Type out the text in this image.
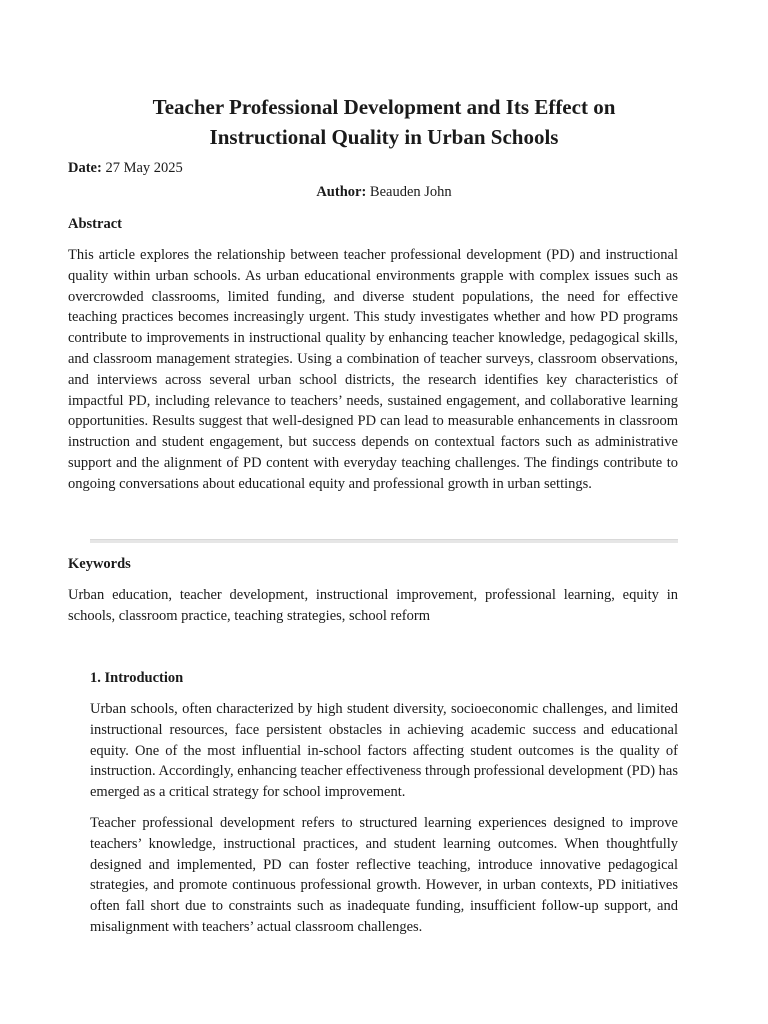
Teacher Professional Development and Its Effect on
Instructional Quality in Urban Schools
Date: 27 May 2025
Author: Beauden John
Abstract

This article explores the relationship between teacher professional development (PD) and instructional quality within urban schools. As urban educational environments grapple with complex issues such as overcrowded classrooms, limited funding, and diverse student populations, the need for effective teaching practices becomes increasingly urgent. This study investigates whether and how PD programs contribute to improvements in instructional quality by enhancing teacher knowledge, pedagogical skills, and classroom management strategies. Using a combination of teacher surveys, classroom observations, and interviews across several urban school districts, the research identifies key characteristics of impactful PD, including relevance to teachers’ needs, sustained engagement, and collaborative learning opportunities. Results suggest that well-designed PD can lead to measurable enhancements in classroom instruction and student engagement, but success depends on contextual factors such as administrative support and the alignment of PD content with everyday teaching challenges. The findings contribute to ongoing conversations about educational equity and professional growth in urban settings.

Keywords

Urban education, teacher development, instructional improvement, professional learning, equity in schools, classroom practice, teaching strategies, school reform

1. Introduction

Urban schools, often characterized by high student diversity, socioeconomic challenges, and limited instructional resources, face persistent obstacles in achieving academic success and educational equity. One of the most influential in-school factors affecting student outcomes is the quality of instruction. Accordingly, enhancing teacher effectiveness through professional development (PD) has emerged as a critical strategy for school improvement.

Teacher professional development refers to structured learning experiences designed to improve teachers’ knowledge, instructional practices, and student learning outcomes. When thoughtfully designed and implemented, PD can foster reflective teaching, introduce innovative pedagogical strategies, and promote continuous professional growth. However, in urban contexts, PD initiatives often fall short due to constraints such as inadequate funding, insufficient follow-up support, and misalignment with teachers’ actual classroom challenges.
